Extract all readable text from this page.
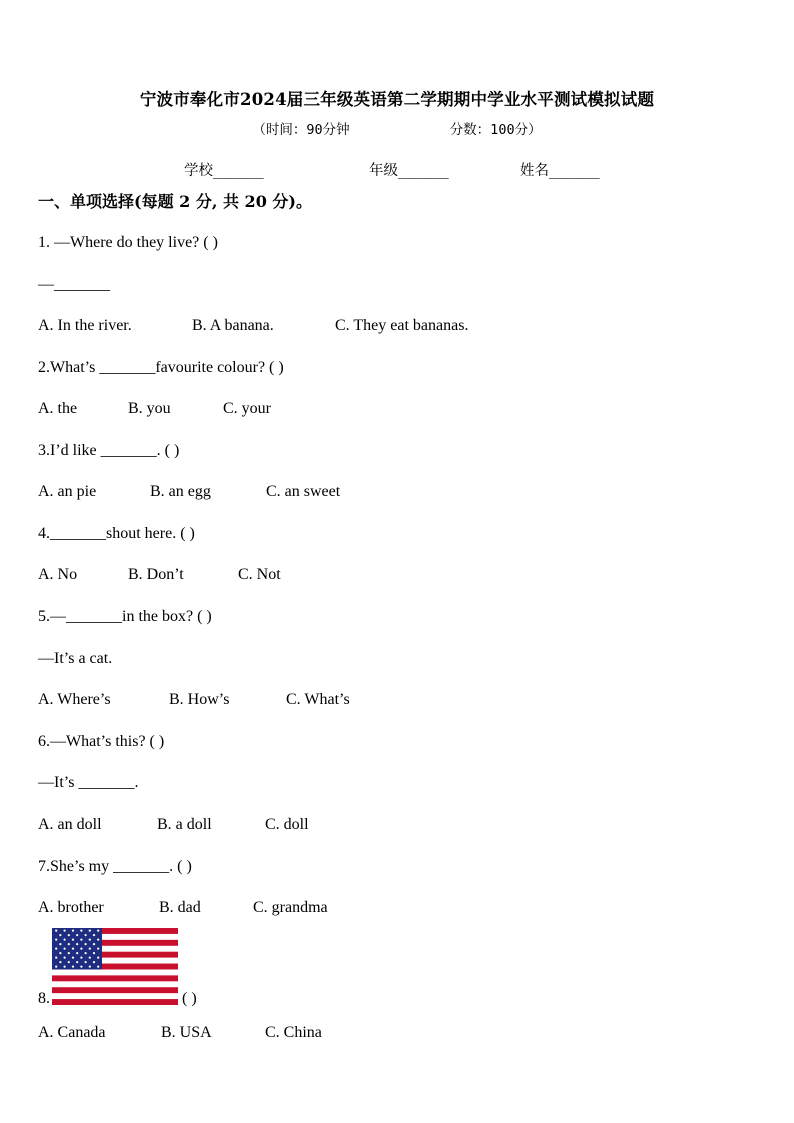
宁波市奉化市2024届三年级英语第二学期期中学业水平测试模拟试题
（时间：90分钟	分数：100分）
学校_______	年级_______	姓名_______
一、单项选择(每题 2 分, 共 20 分)。
1. —Where do they live? ( )
—_______
A. In the river.	B. A banana.	C. They eat bananas.
2.What’s _______favourite colour? ( )
A. the	B. you	C. your
3.I’d like _______. ( )
A. an pie	B. an egg	C. an sweet
4._______shout here. ( )
A. No	B. Don’t	C. Not
5.—_______in the box? ( )
—It’s a cat.
A. Where’s	B. How’s	C. What’s
6.—What’s this? ( )
—It’s _______.
A. an doll	B. a doll	C. doll
7.She’s my _______. ( )
A. brother	B. dad	C. grandma
8.	( )
A. Canada	B. USA	C. China
